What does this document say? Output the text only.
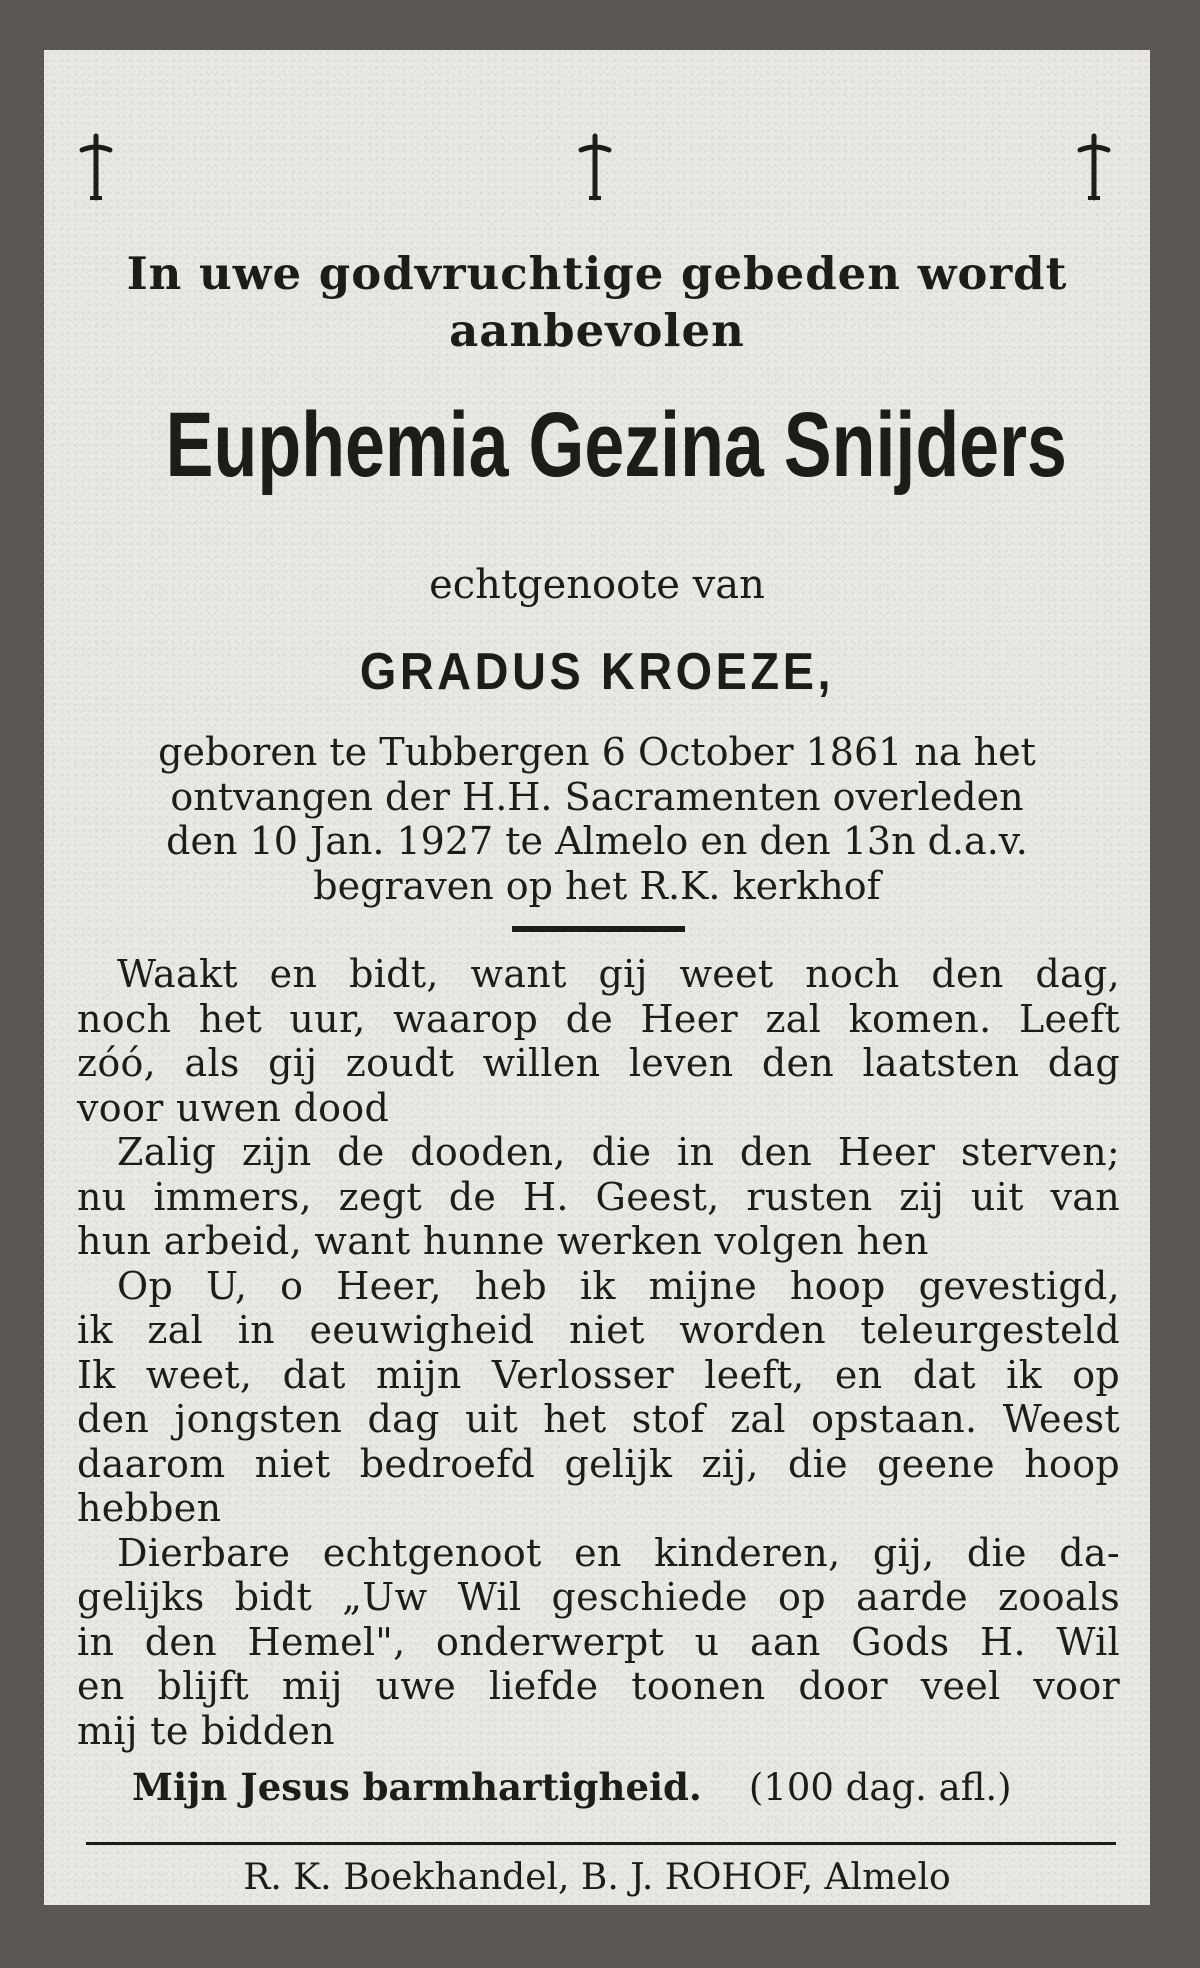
In uwe godvruchtige gebeden wordt
aanbevolen

Euphemia Gezina Snijders

echtgenoote van

GRADUS KROEZE,

geboren te Tubbergen 6 October 1861 na het
ontvangen der H.H. Sacramenten overleden
den 10 Jan. 1927 te Almelo en den 13n d.a.v.
begraven op het R.K. kerkhof

Waakt en bidt, want gij weet noch den dag,
noch het uur, waarop de Heer zal komen. Leeft
zóó, als gij zoudt willen leven den laatsten dag
voor uwen dood
Zalig zijn de dooden, die in den Heer sterven;
nu immers, zegt de H. Geest, rusten zij uit van
hun arbeid, want hunne werken volgen hen
Op U, o Heer, heb ik mijne hoop gevestigd,
ik zal in eeuwigheid niet worden teleurgesteld
Ik weet, dat mijn Verlosser leeft, en dat ik op
den jongsten dag uit het stof zal opstaan. Weest
daarom niet bedroefd gelijk zij, die geene hoop
hebben
Dierbare echtgenoot en kinderen, gij, die da-
gelijks bidt „Uw Wil geschiede op aarde zooals
in den Hemel", onderwerpt u aan Gods H. Wil
en blijft mij uwe liefde toonen door veel voor
mij te bidden

Mijn Jesus barmhartigheid. (100 dag. afl.)

R. K. Boekhandel, B. J. ROHOF, Almelo
